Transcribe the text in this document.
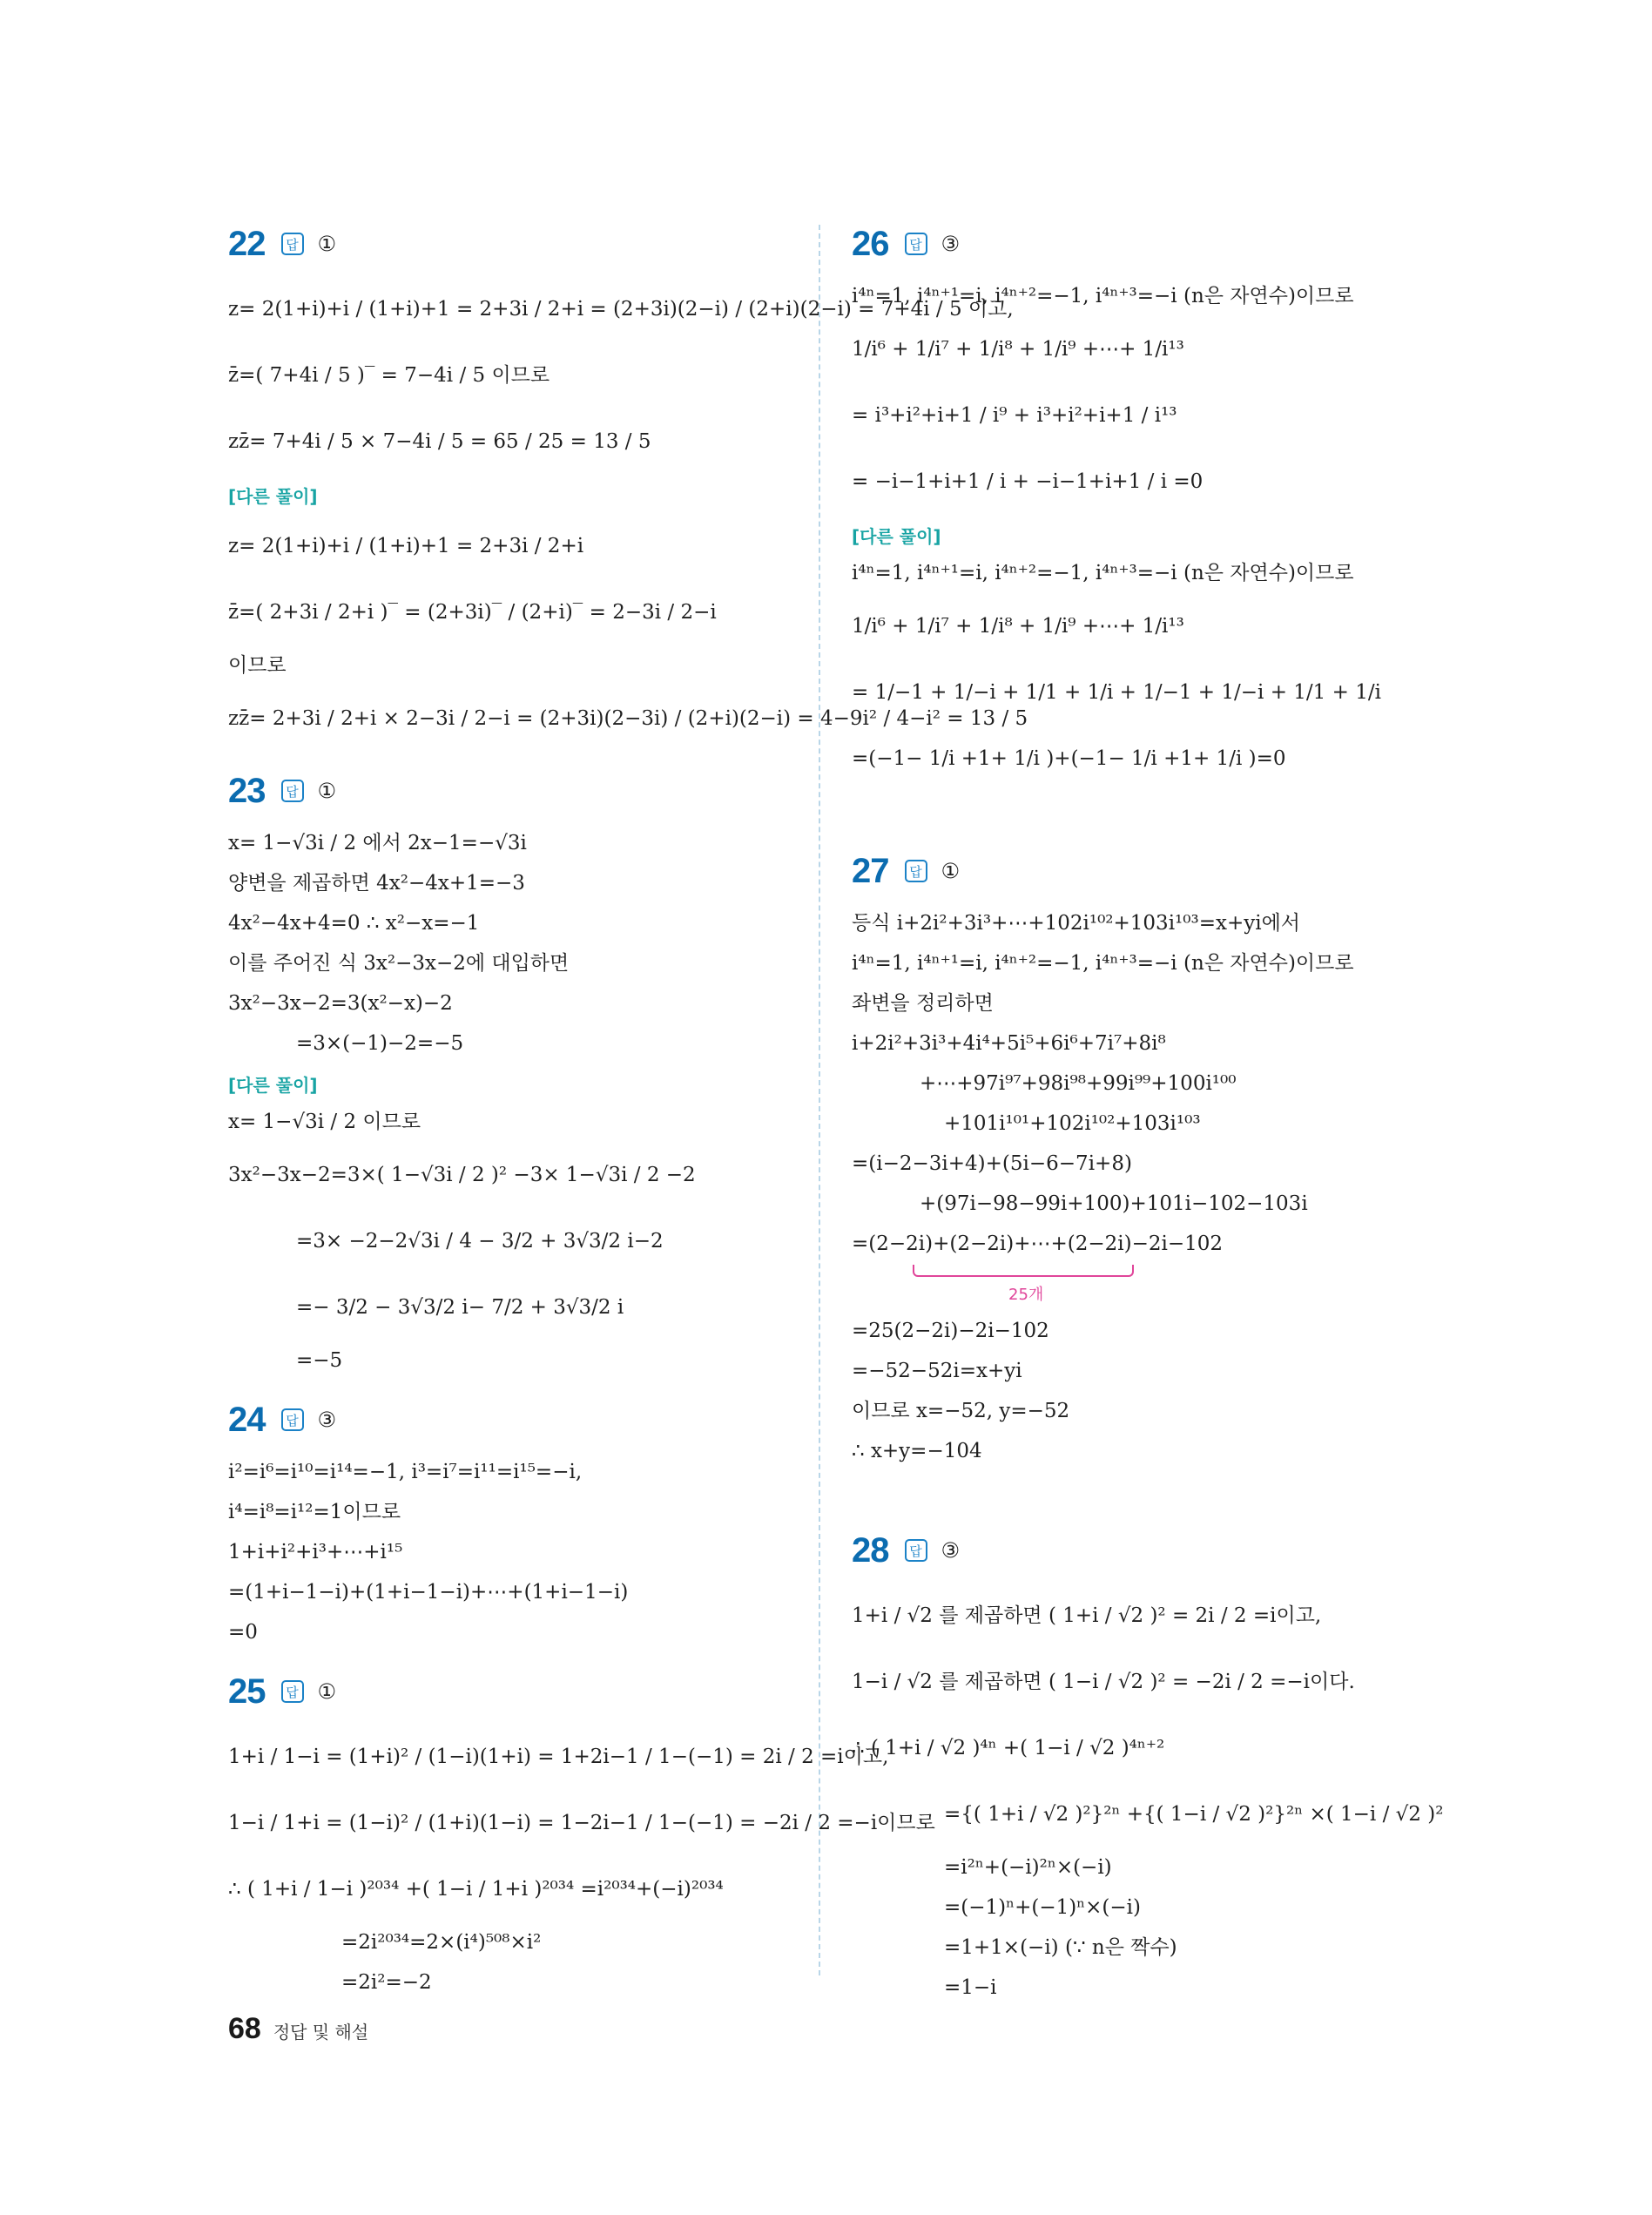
22	답 ①
z= 2(1+i)+i / (1+i)+1 = 2+3i / 2+i = (2+3i)(2−i) / (2+i)(2−i) = 7+4i / 5 이고,
z̄=( 7+4i / 5 )‾ = 7−4i / 5 이므로
zz̄= 7+4i / 5 × 7−4i / 5 = 65 / 25 = 13 / 5
[다른 풀이]
z= 2(1+i)+i / (1+i)+1 = 2+3i / 2+i
z̄=( 2+3i / 2+i )‾ = (2+3i)‾ / (2+i)‾ = 2−3i / 2−i
이므로
zz̄= 2+3i / 2+i × 2−3i / 2−i = (2+3i)(2−3i) / (2+i)(2−i) = 4−9i² / 4−i² = 13 / 5
23	답 ①
x= 1−√3i / 2 에서 2x−1=−√3i
양변을 제곱하면 4x²−4x+1=−3
4x²−4x+4=0 ∴ x²−x=−1
이를 주어진 식 3x²−3x−2에 대입하면
3x²−3x−2=3(x²−x)−2
=3×(−1)−2=−5
[다른 풀이]
x= 1−√3i / 2 이므로
3x²−3x−2=3×( 1−√3i / 2 )² −3× 1−√3i / 2 −2
=3× −2−2√3i / 4 − 3/2 + 3√3/2 i−2
=− 3/2 − 3√3/2 i− 7/2 + 3√3/2 i
=−5
24	답 ③
i²=i⁶=i¹⁰=i¹⁴=−1, i³=i⁷=i¹¹=i¹⁵=−i,
i⁴=i⁸=i¹²=1이므로
1+i+i²+i³+⋯+i¹⁵
=(1+i−1−i)+(1+i−1−i)+⋯+(1+i−1−i)
=0
25	답 ①
1+i / 1−i = (1+i)² / (1−i)(1+i) = 1+2i−1 / 1−(−1) = 2i / 2 =i이고,
1−i / 1+i = (1−i)² / (1+i)(1−i) = 1−2i−1 / 1−(−1) = −2i / 2 =−i이므로
∴ ( 1+i / 1−i )²⁰³⁴ +( 1−i / 1+i )²⁰³⁴ =i²⁰³⁴+(−i)²⁰³⁴
=2i²⁰³⁴=2×(i⁴)⁵⁰⁸×i²
=2i²=−2
26	답 ③
i⁴ⁿ=1, i⁴ⁿ⁺¹=i, i⁴ⁿ⁺²=−1, i⁴ⁿ⁺³=−i (n은 자연수)이므로
1/i⁶ + 1/i⁷ + 1/i⁸ + 1/i⁹ +⋯+ 1/i¹³
= i³+i²+i+1 / i⁹ + i³+i²+i+1 / i¹³
= −i−1+i+1 / i + −i−1+i+1 / i =0
[다른 풀이]
i⁴ⁿ=1, i⁴ⁿ⁺¹=i, i⁴ⁿ⁺²=−1, i⁴ⁿ⁺³=−i (n은 자연수)이므로
1/i⁶ + 1/i⁷ + 1/i⁸ + 1/i⁹ +⋯+ 1/i¹³
= 1/−1 + 1/−i + 1/1 + 1/i + 1/−1 + 1/−i + 1/1 + 1/i
=(−1− 1/i +1+ 1/i )+(−1− 1/i +1+ 1/i )=0
27	답 ①
등식 i+2i²+3i³+⋯+102i¹⁰²+103i¹⁰³=x+yi에서
i⁴ⁿ=1, i⁴ⁿ⁺¹=i, i⁴ⁿ⁺²=−1, i⁴ⁿ⁺³=−i (n은 자연수)이므로
좌변을 정리하면
i+2i²+3i³+4i⁴+5i⁵+6i⁶+7i⁷+8i⁸
+⋯+97i⁹⁷+98i⁹⁸+99i⁹⁹+100i¹⁰⁰
+101i¹⁰¹+102i¹⁰²+103i¹⁰³
=(i−2−3i+4)+(5i−6−7i+8)
+(97i−98−99i+100)+101i−102−103i
=(2−2i)+(2−2i)+⋯+(2−2i)−2i−102
25개
=25(2−2i)−2i−102
=−52−52i=x+yi
이므로 x=−52, y=−52
∴ x+y=−104
28	답 ③
1+i / √2 를 제곱하면 ( 1+i / √2 )² = 2i / 2 =i이고,
1−i / √2 를 제곱하면 ( 1−i / √2 )² = −2i / 2 =−i이다.
∴ ( 1+i / √2 )⁴ⁿ +( 1−i / √2 )⁴ⁿ⁺²
={( 1+i / √2 )²}²ⁿ +{( 1−i / √2 )²}²ⁿ ×( 1−i / √2 )²
=i²ⁿ+(−i)²ⁿ×(−i)
=(−1)ⁿ+(−1)ⁿ×(−i)
=1+1×(−i) (∵ n은 짝수)
=1−i
68 정답 및 해설
